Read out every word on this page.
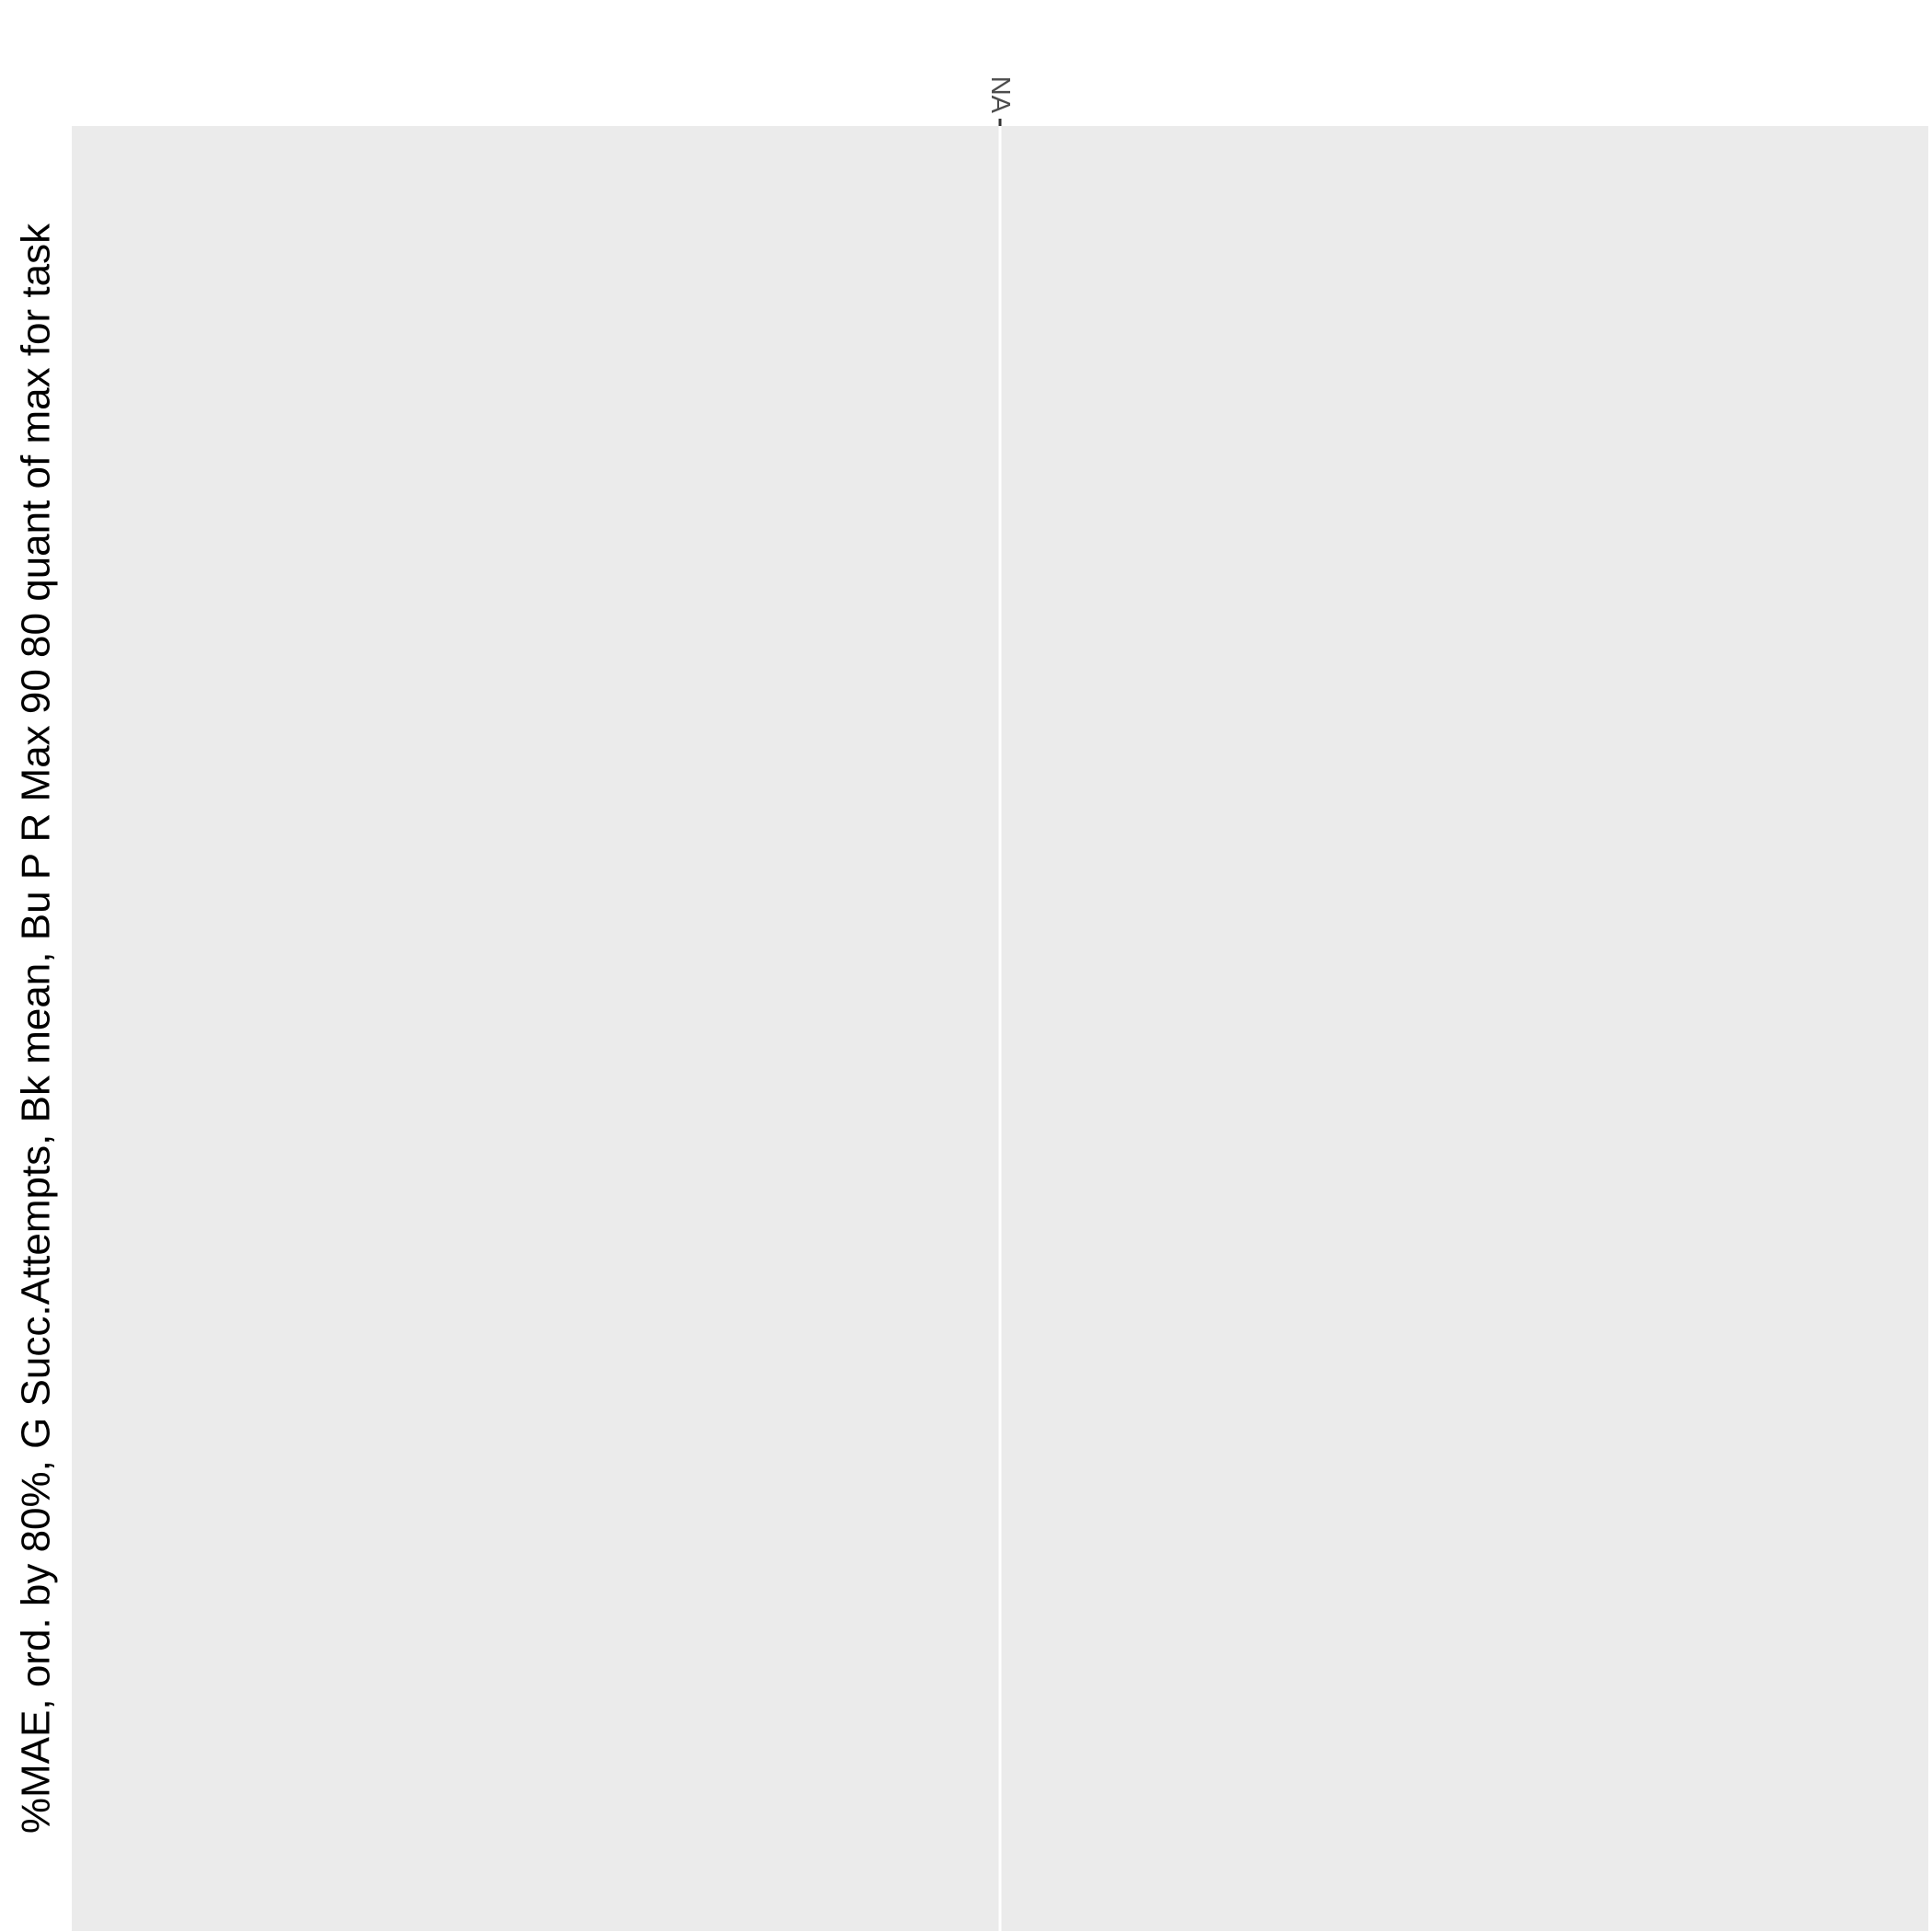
NA
%MAE, ord. by 80%, G Succ.Attempts, Bk mean, Bu P R Max 90 80 quant of max for task
